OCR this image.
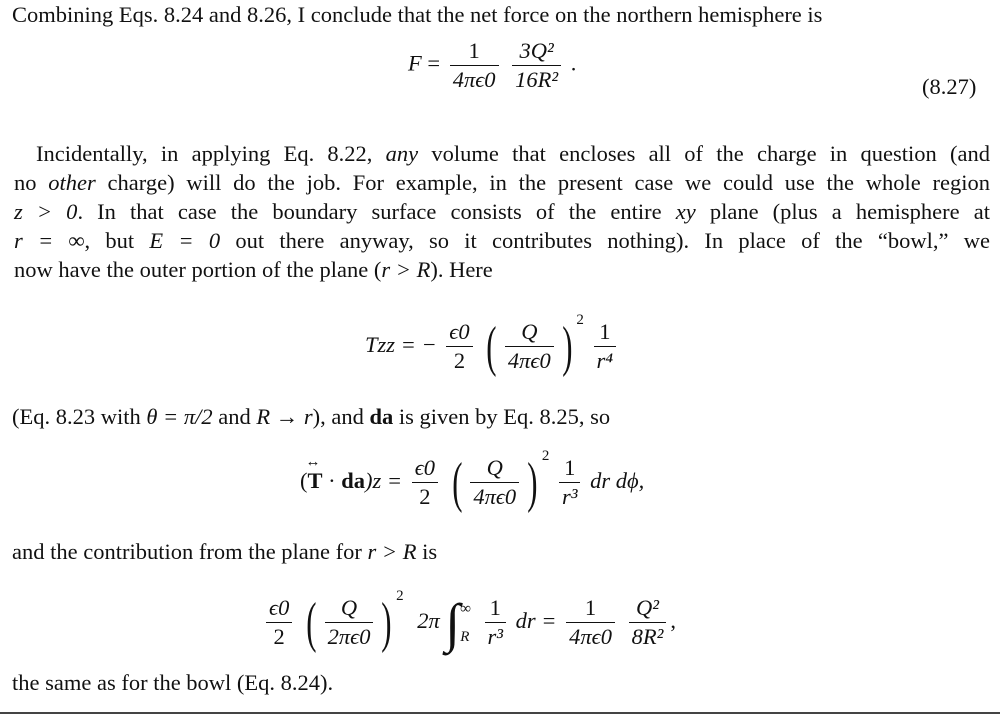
Combining Eqs. 8.24 and 8.26, I conclude that the net force on the northern hemisphere is
$F = \frac{1}{4\pi\epsilon 0}$
$\frac{\text{3Q²}}{\text{16R²}}$ .
(8.27)
Incidentally, in applying Eq. 8.22, any volume that encloses all of the charge in question (and
no other charge) will do the job. For example, in the present case we could use the whole region
z > 0. In that case the boundary surface consists of the entire xy plane (plus a hemisphere at
r = ∞, but E = 0 out there anyway, so it contributes nothing). In place of the “bowl,” we
now have the outer portion of the plane (r > R). Here
Tzz = − $\frac{\epsilon 0}{2}$ ( $\frac{Q}{4\pi\epsilon 0}$ ) $^2 \frac{1}{\text{r⁴}}$
(Eq. 8.23 with θ = π/2 and R → r), and da is given by Eq. 8.25, so
(↔ $T \cdot da)z = \frac{\epsilon 0}{2}$ ( $\frac{Q}{4\pi\epsilon 0}$ ) $^2 \frac{1}{\text{r³}}$ dr dϕ,
and the contribution from the plane for r > R is
$\frac{\epsilon 0}{2}$ ( $\frac{Q}{2\pi\epsilon 0}$ ) $^2$ 2π ∫ ∞
R
$\frac{1}{\text{r³}}$ dr = $\frac{1}{4\pi\epsilon 0}$
$\frac{\text{Q²}}{\text{8R²}}$ ,
the same as for the bowl (Eq. 8.24).
